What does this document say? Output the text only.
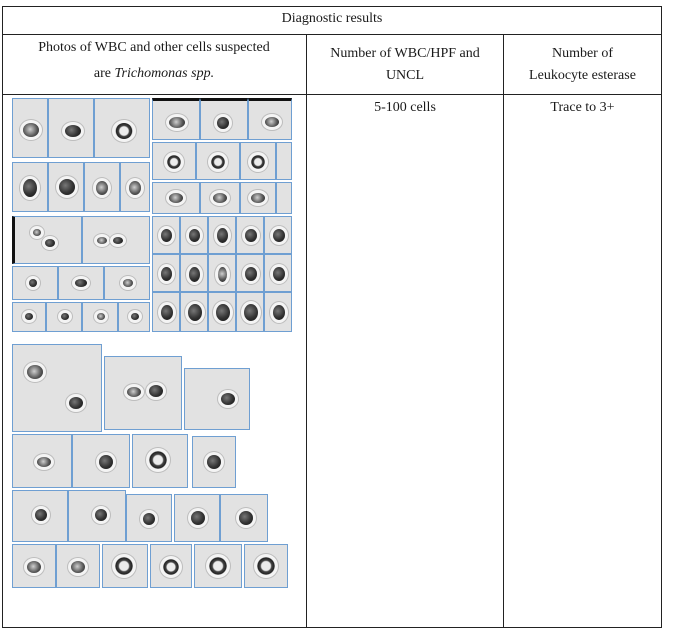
Diagnostic results
Photos of WBC and other cells suspected
are Trichomonas spp.
Number of WBC/HPF and
UNCL
Number of
Leukocyte esterase
5-100 cells	Trace to 3+
